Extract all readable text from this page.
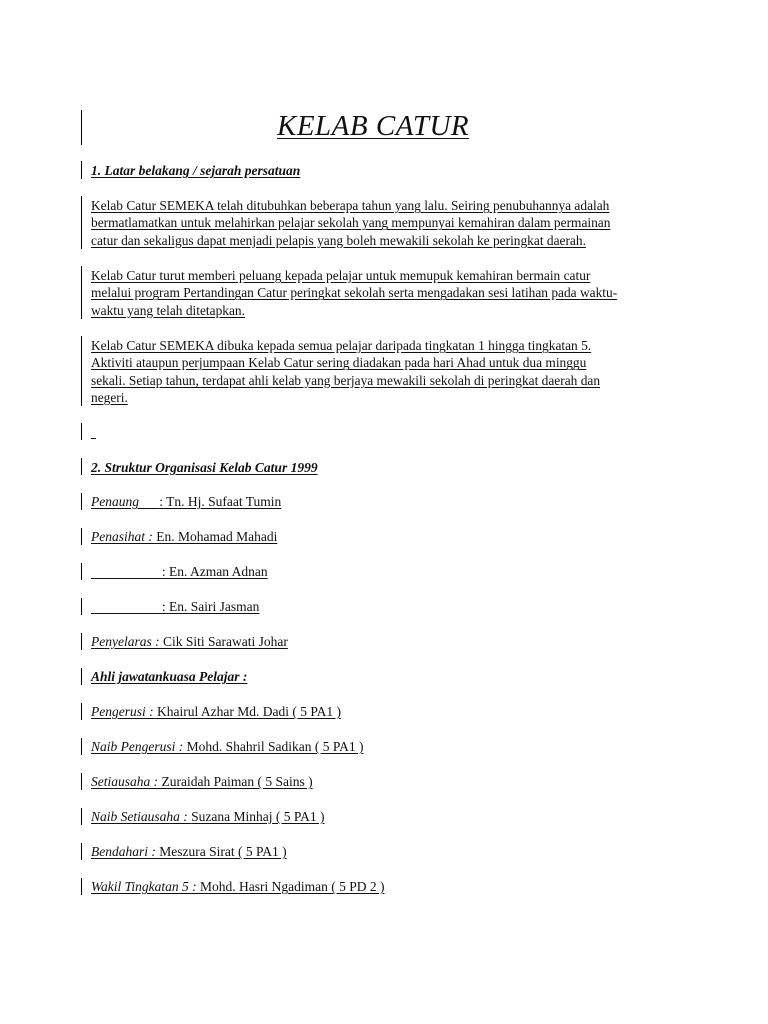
KELAB CATUR
1. Latar belakang / sejarah persatuan
Kelab Catur SEMEKA telah ditubuhkan beberapa tahun yang lalu. Seiring penubuhannya adalah
bermatlamatkan untuk melahirkan pelajar sekolah yang mempunyai kemahiran dalam permainan
catur dan sekaligus dapat menjadi pelapis yang boleh mewakili sekolah ke peringkat daerah.
Kelab Catur turut memberi peluang kepada pelajar untuk memupuk kemahiran bermain catur
melalui program Pertandingan Catur peringkat sekolah serta mengadakan sesi latihan pada waktu-
waktu yang telah ditetapkan.
Kelab Catur SEMEKA dibuka kepada semua pelajar daripada tingkatan 1 hingga tingkatan 5.
Aktiviti ataupun perjumpaan Kelab Catur sering diadakan pada hari Ahad untuk dua minggu
sekali. Setiap tahun, terdapat ahli kelab yang berjaya mewakili sekolah di peringkat daerah dan
negeri.
2. Struktur Organisasi Kelab Catur 1999
Penaung      : Tn. Hj. Sufaat Tumin
Penasihat : En. Mohamad Mahadi
: En. Azman Adnan
: En. Sairi Jasman
Penyelaras : Cik Siti Sarawati Johar
Ahli jawatankuasa Pelajar :
Pengerusi : Khairul Azhar Md. Dadi ( 5 PA1 )
Naib Pengerusi : Mohd. Shahril Sadikan ( 5 PA1 )
Setiausaha : Zuraidah Paiman ( 5 Sains )
Naib Setiausaha : Suzana Minhaj ( 5 PA1 )
Bendahari : Meszura Sirat ( 5 PA1 )
Wakil Tingkatan 5 : Mohd. Hasri Ngadiman ( 5 PD 2 )
